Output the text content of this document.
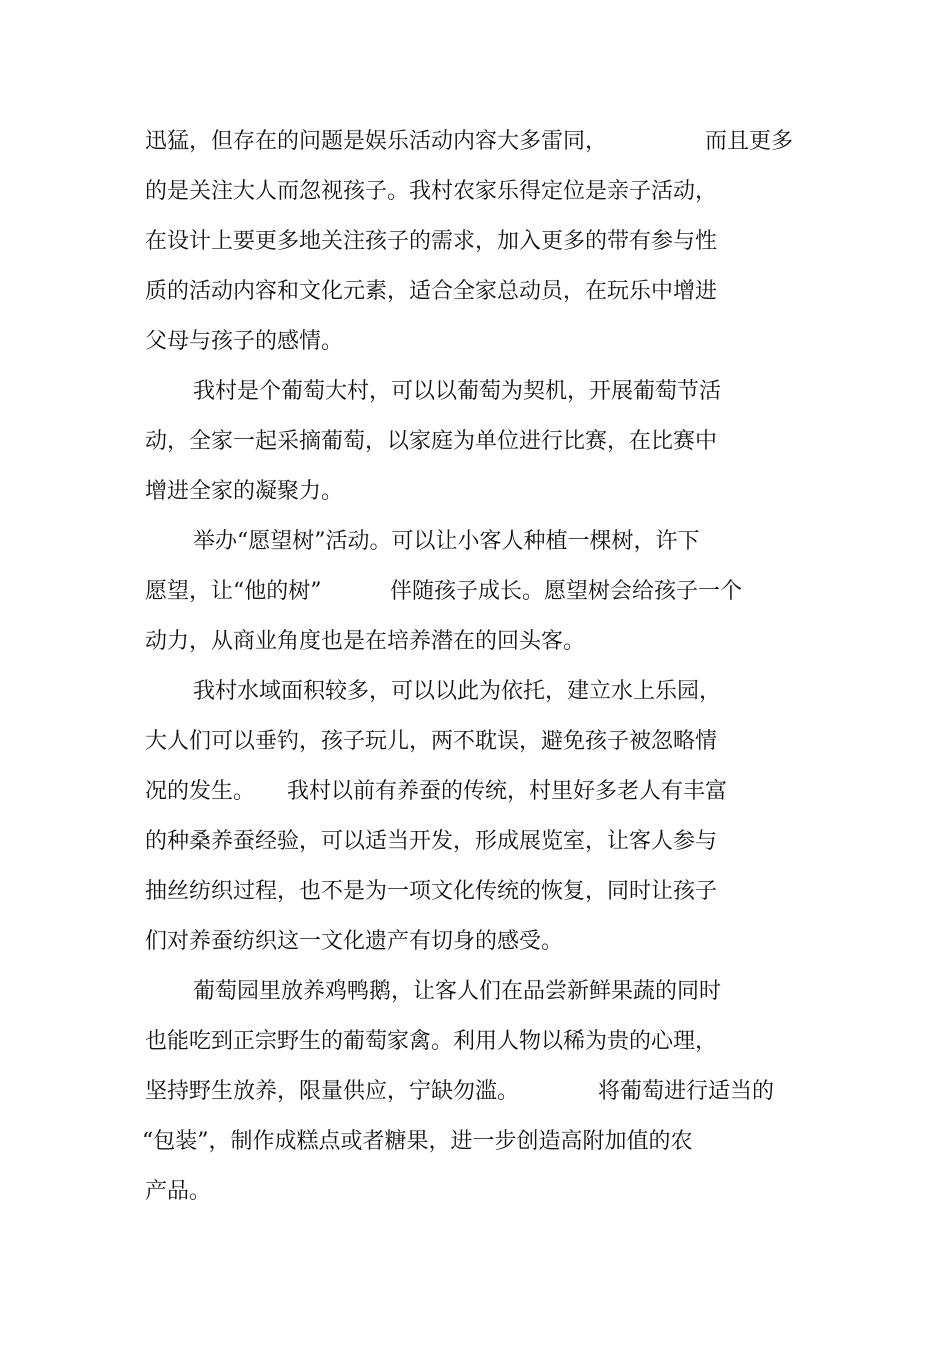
迅猛，但存在的问题是娱乐活动内容大多雷同，	而且更多
的是关注大人而忽视孩子。我村农家乐得定位是亲子活动，
在设计上要更多地关注孩子的需求，加入更多的带有参与性
质的活动内容和文化元素，适合全家总动员，在玩乐中增进
父母与孩子的感情。
我村是个葡萄大村，可以以葡萄为契机，开展葡萄节活
动，全家一起采摘葡萄，以家庭为单位进行比赛，在比赛中
增进全家的凝聚力。
举办“愿望树”活动。可以让小客人种植一棵树，许下
愿望，让“他的树”	伴随孩子成长。愿望树会给孩子一个
动力，从商业角度也是在培养潜在的回头客。
我村水域面积较多，可以以此为依托，建立水上乐园，
大人们可以垂钓，孩子玩儿，两不耽误，避免孩子被忽略情
况的发生。 我村以前有养蚕的传统，村里好多老人有丰富
的种桑养蚕经验，可以适当开发，形成展览室，让客人参与
抽丝纺织过程，也不是为一项文化传统的恢复，同时让孩子
们对养蚕纺织这一文化遗产有切身的感受。
葡萄园里放养鸡鸭鹅，让客人们在品尝新鲜果蔬的同时
也能吃到正宗野生的葡萄家禽。利用人物以稀为贵的心理，
坚持野生放养，限量供应，宁缺勿滥。	将葡萄进行适当的
“包装”，制作成糕点或者糖果，进一步创造高附加值的农
产品。
